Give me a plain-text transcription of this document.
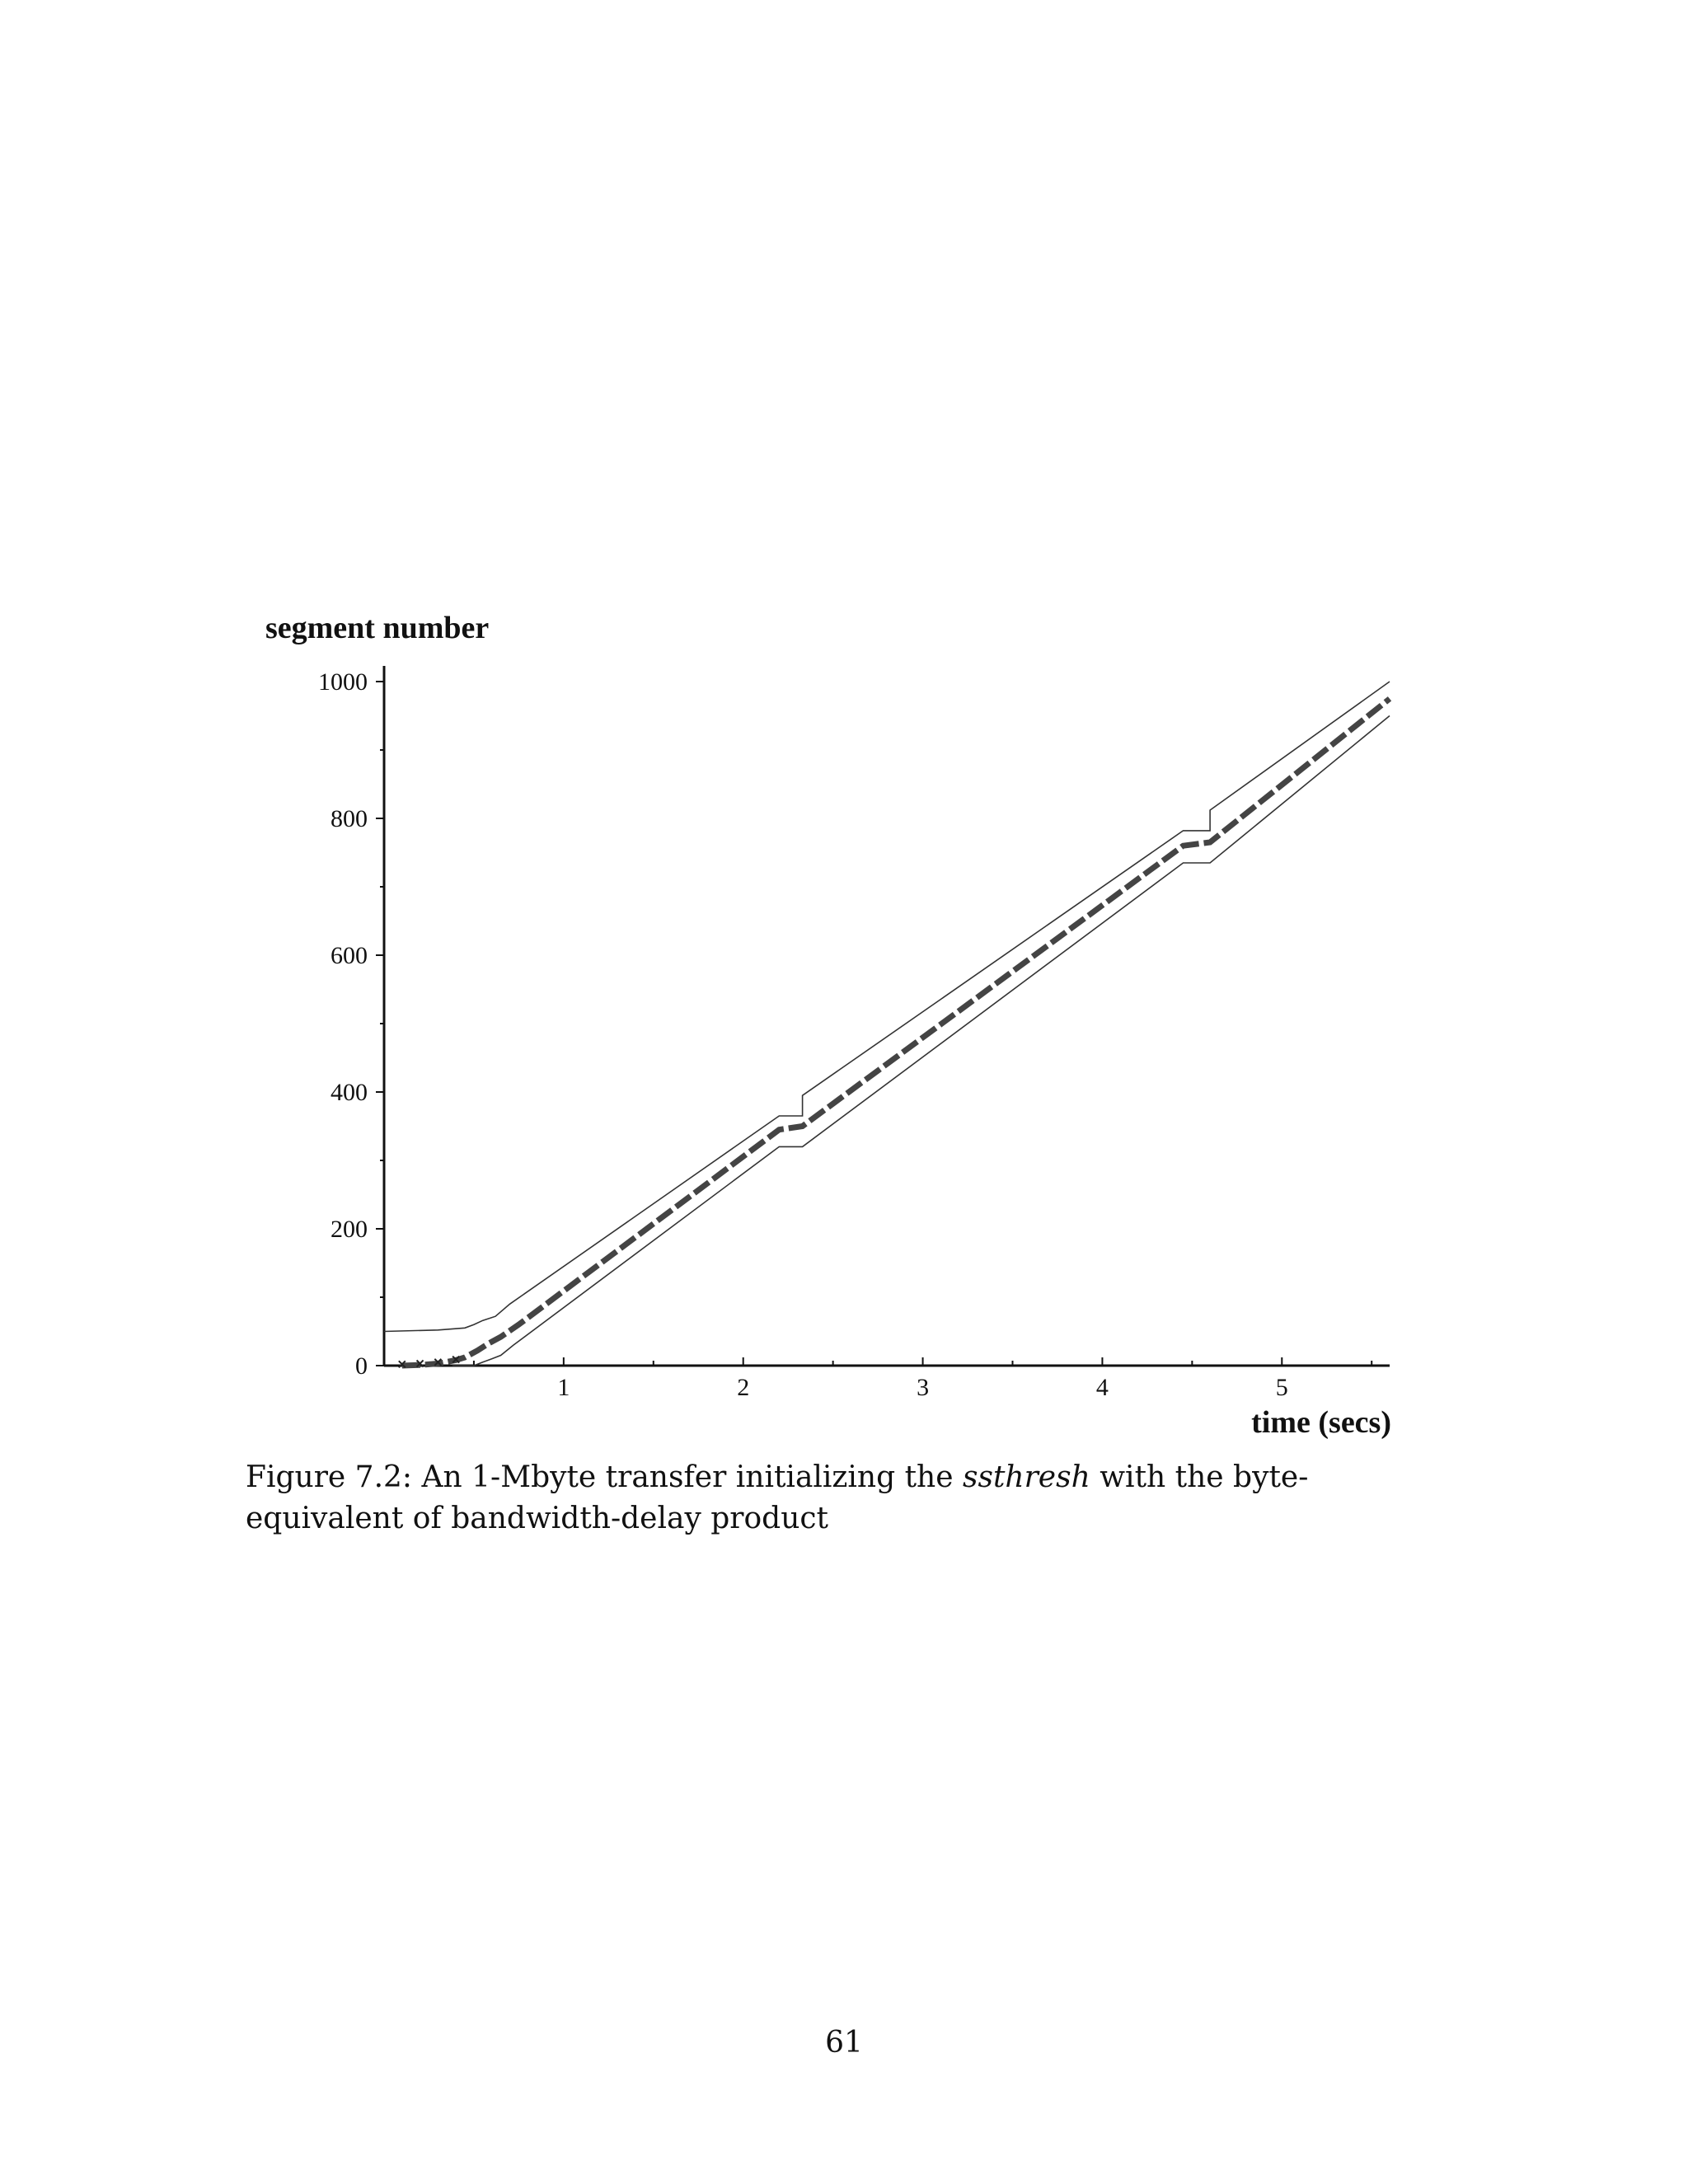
segment number
time (secs)
1	2	3	4	5
0
200
400
600
800
1000
Figure 7.2: An 1-Mbyte transfer initializing the ssthresh with the byte- equivalent of bandwidth-delay product
61
